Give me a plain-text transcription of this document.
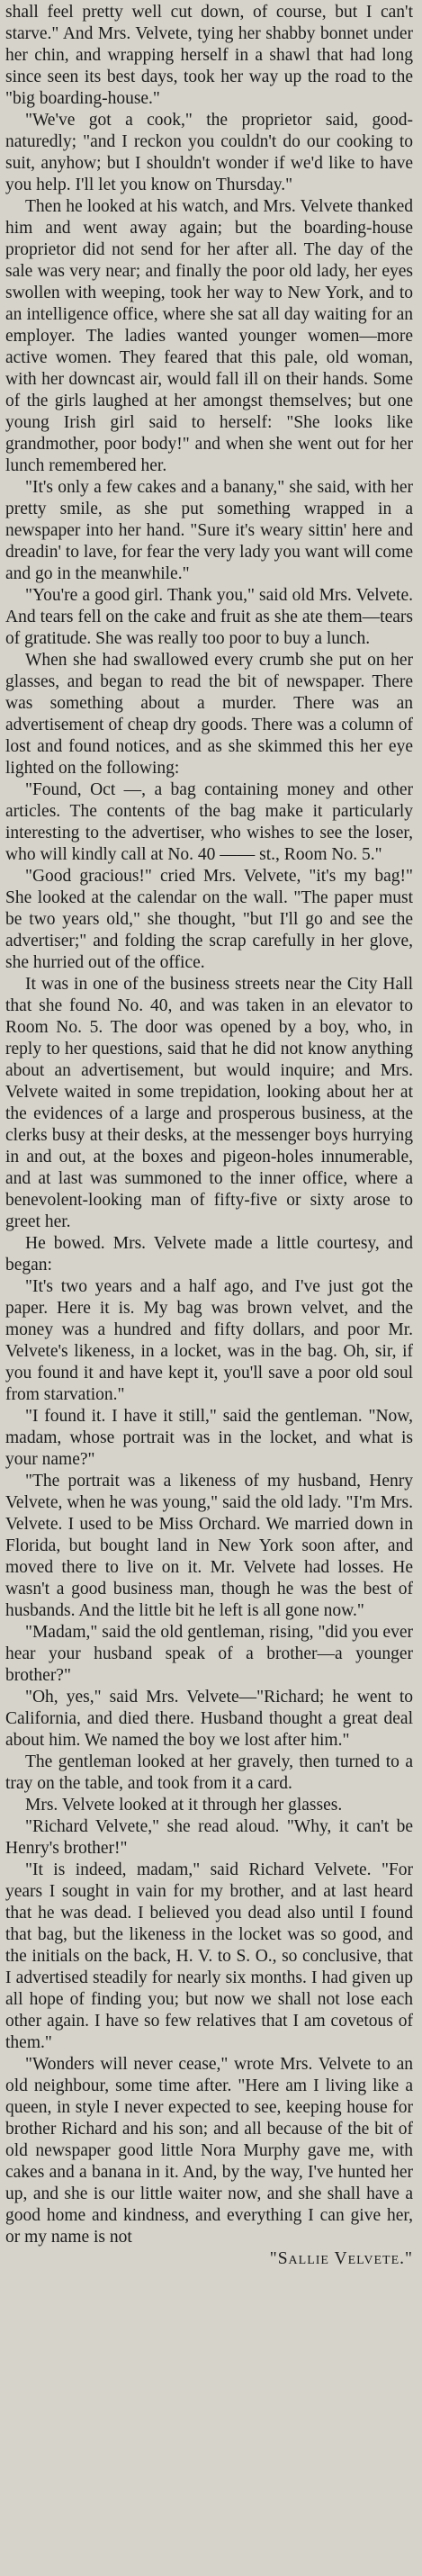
shall feel pretty well cut down, of course, but I can't starve." And Mrs. Velvete, tying her shabby bonnet under her chin, and wrapping herself in a shawl that had long since seen its best days, took her way up the road to the "big boarding-house."

"We've got a cook," the proprietor said, good-naturedly; "and I reckon you couldn't do our cooking to suit, anyhow; but I shouldn't wonder if we'd like to have you help. I'll let you know on Thursday."

Then he looked at his watch, and Mrs. Velvete thanked him and went away again; but the boarding-house proprietor did not send for her after all. The day of the sale was very near; and finally the poor old lady, her eyes swollen with weeping, took her way to New York, and to an intelligence office, where she sat all day waiting for an employer. The ladies wanted younger women—more active women. They feared that this pale, old woman, with her downcast air, would fall ill on their hands. Some of the girls laughed at her amongst themselves; but one young Irish girl said to herself: "She looks like grandmother, poor body!" and when she went out for her lunch remembered her.

"It's only a few cakes and a banany," she said, with her pretty smile, as she put something wrapped in a newspaper into her hand. "Sure it's weary sittin' here and dreadin' to lave, for fear the very lady you want will come and go in the meanwhile."

"You're a good girl. Thank you," said old Mrs. Velvete. And tears fell on the cake and fruit as she ate them—tears of gratitude. She was really too poor to buy a lunch.

When she had swallowed every crumb she put on her glasses, and began to read the bit of newspaper. There was something about a murder. There was an advertisement of cheap dry goods. There was a column of lost and found notices, and as she skimmed this her eye lighted on the following:

"Found, Oct —, a bag containing money and other articles. The contents of the bag make it particularly interesting to the advertiser, who wishes to see the loser, who will kindly call at No. 40 —— st., Room No. 5."

"Good gracious!" cried Mrs. Velvete, "it's my bag!" She looked at the calendar on the wall. "The paper must be two years old," she thought, "but I'll go and see the advertiser;" and folding the scrap carefully in her glove, she hurried out of the office.

It was in one of the business streets near the City Hall that she found No. 40, and was taken in an elevator to Room No. 5. The door was opened by a boy, who, in reply to her questions, said that he did not know anything about an advertisement, but would inquire; and Mrs. Velvete waited in some trepidation, looking about her at the evidences of a large and prosperous business, at the clerks busy at their desks, at the messenger boys hurrying in and out, at the boxes and pigeon-holes innumerable, and at last was summoned to the inner office, where a benevolent-looking man of fifty-five or sixty arose to greet her.

He bowed. Mrs. Velvete made a little courtesy, and began:

"It's two years and a half ago, and I've just got the paper. Here it is. My bag was brown velvet, and the money was a hundred and fifty dollars, and poor Mr. Velvete's likeness, in a locket, was in the bag. Oh, sir, if you found it and have kept it, you'll save a poor old soul from starvation."

"I found it. I have it still," said the gentleman. "Now, madam, whose portrait was in the locket, and what is your name?"

"The portrait was a likeness of my husband, Henry Velvete, when he was young," said the old lady. "I'm Mrs. Velvete. I used to be Miss Orchard. We married down in Florida, but bought land in New York soon after, and moved there to live on it. Mr. Velvete had losses. He wasn't a good business man, though he was the best of husbands. And the little bit he left is all gone now."

"Madam," said the old gentleman, rising, "did you ever hear your husband speak of a brother—a younger brother?"

"Oh, yes," said Mrs. Velvete—"Richard; he went to California, and died there. Husband thought a great deal about him. We named the boy we lost after him."

The gentleman looked at her gravely, then turned to a tray on the table, and took from it a card.

Mrs. Velvete looked at it through her glasses.

"Richard Velvete," she read aloud. "Why, it can't be Henry's brother!"

"It is indeed, madam," said Richard Velvete. "For years I sought in vain for my brother, and at last heard that he was dead. I believed you dead also until I found that bag, but the likeness in the locket was so good, and the initials on the back, H. V. to S. O., so conclusive, that I advertised steadily for nearly six months. I had given up all hope of finding you; but now we shall not lose each other again. I have so few relatives that I am covetous of them."

"Wonders will never cease," wrote Mrs. Velvete to an old neighbour, some time after. "Here am I living like a queen, in style I never expected to see, keeping house for brother Richard and his son; and all because of the bit of old newspaper good little Nora Murphy gave me, with cakes and a banana in it. And, by the way, I've hunted her up, and she is our little waiter now, and she shall have a good home and kindness, and everything I can give her, or my name is not

"Sallie Velvete."
